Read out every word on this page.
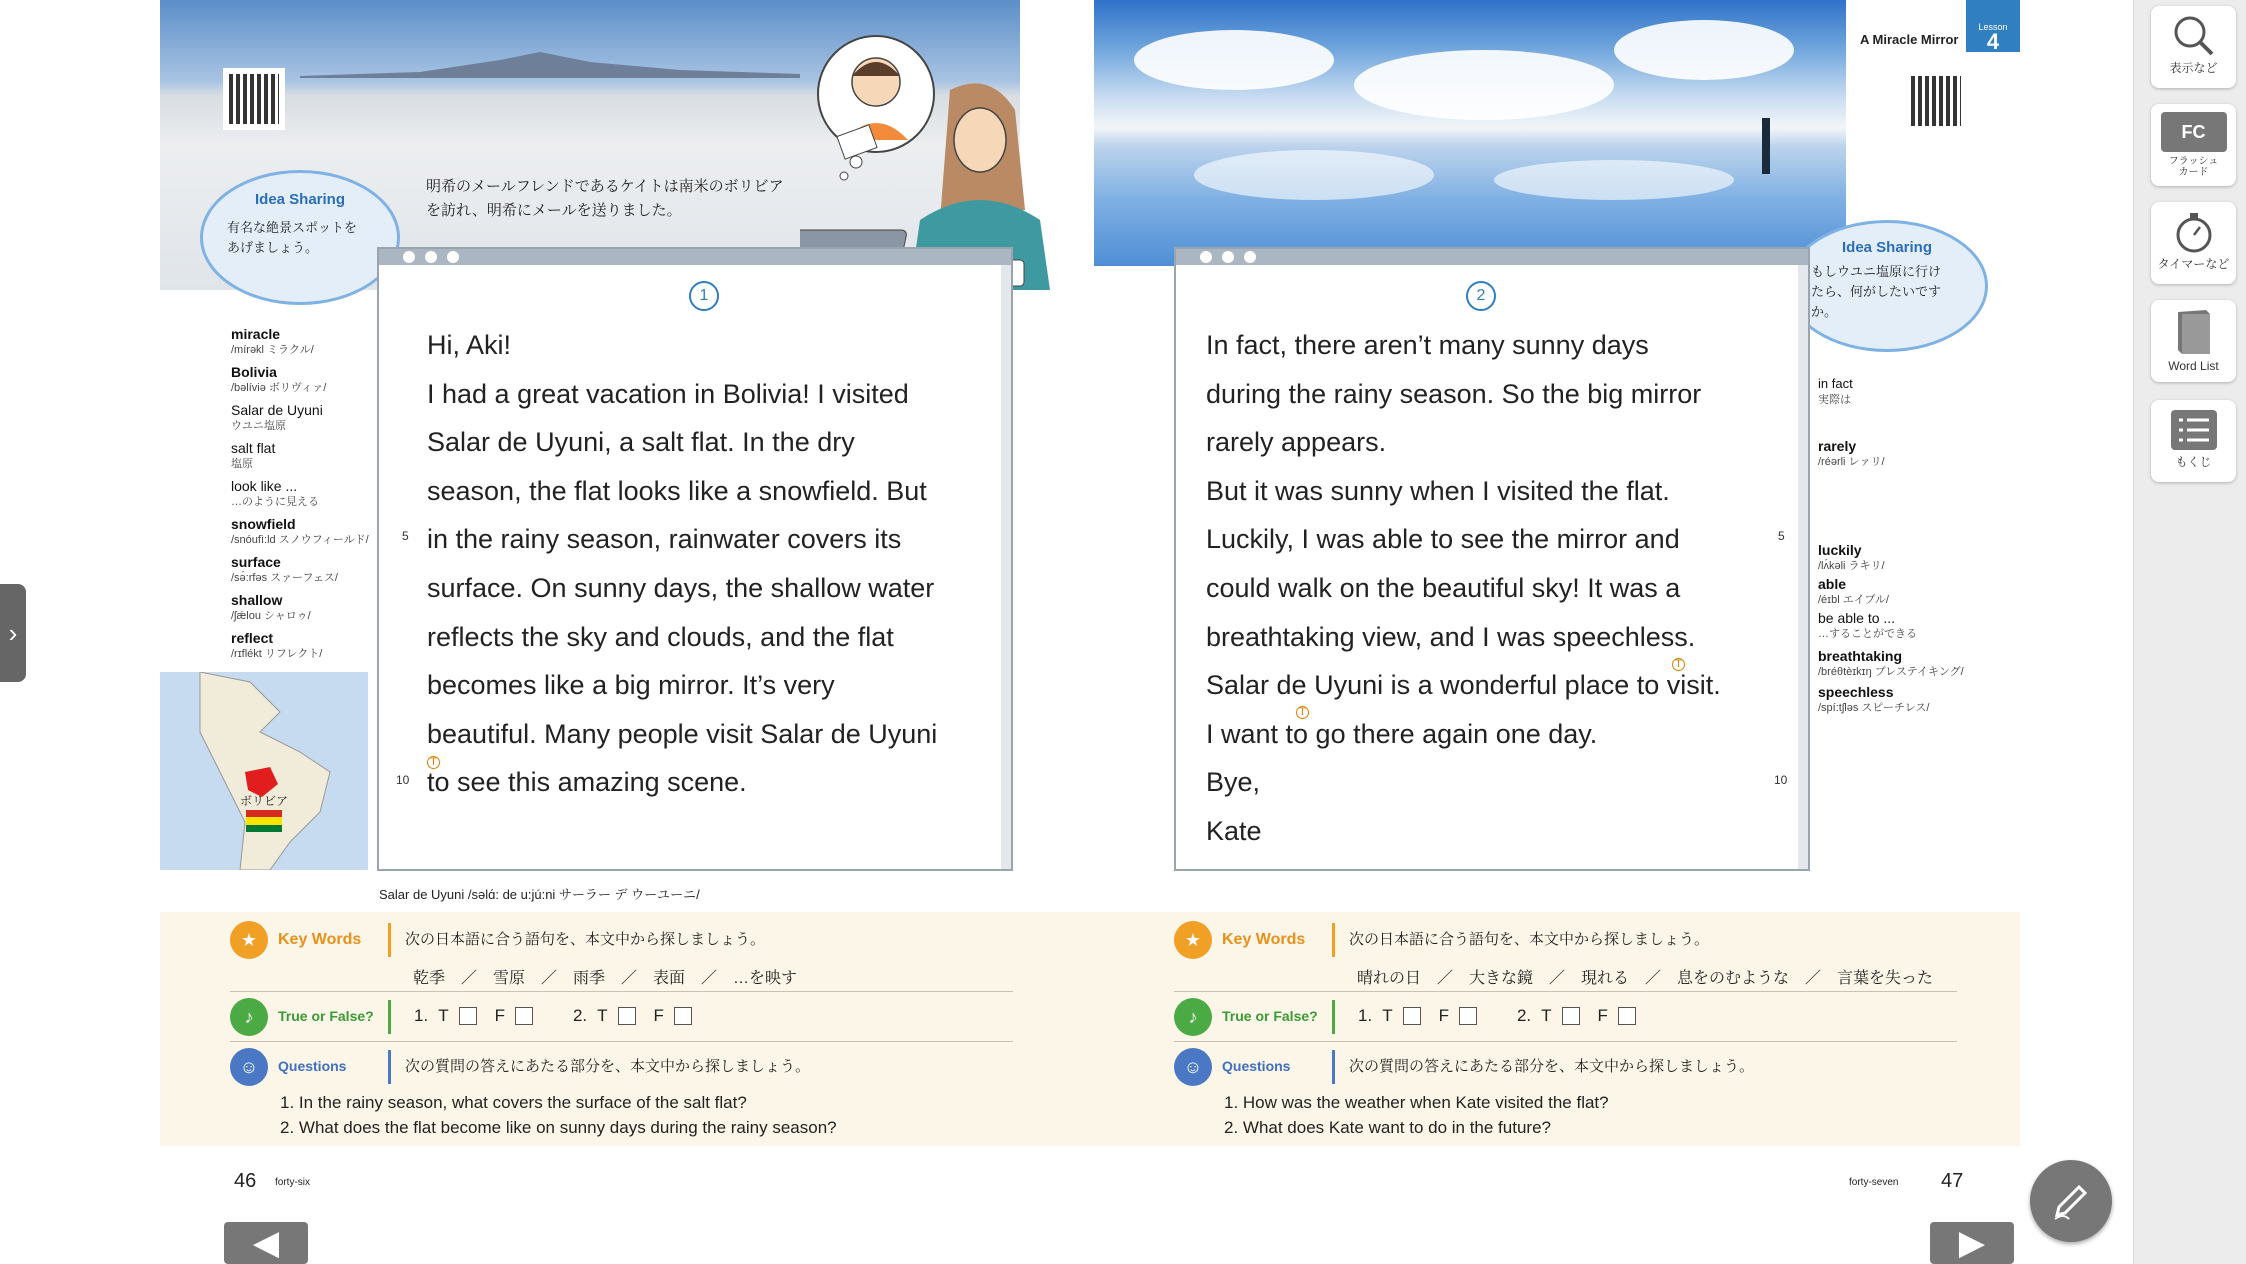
Idea Sharing
有名な絶景スポットを
あげましょう。
明希のメールフレンドであるケイトは南米のボリビア
を訪れ、明希にメールを送りました。
miracle
/mírəkl ミラクル/
Bolivia
/bəlíviə ボリヴィァ/
Salar de Uyuni
ウユニ塩原
salt flat
塩原
look like ...
…のように見える
snowfield
/snóufì:ld スノウフィールド/
surface
/sə́:rfəs スァーフェス/
shallow
/ʃǽlou シャロゥ/
reflect
/rɪflékt リフレクト/
ボリビア
1
Hi, Aki!
I had a great vacation in Bolivia! I visited
Salar de Uyuni, a salt flat. In the dry
season, the flat looks like a snowfield. But
in the rainy season, rainwater covers its
surface. On sunny days, the shallow water
reflects the sky and clouds, and the flat
becomes like a big mirror. It’s very
beautiful. Many people visit Salar de Uyuni
to see this amazing scene.
T
5
10
Salar de Uyuni /səlɑ́: de u:jú:ni サーラー デ ウーユーニ/
A Miracle Mirror
Lesson
4
Idea Sharing
もしウユニ塩原に行け
たら、何がしたいです
か。
in fact
実際は
rarely
/réərli レァリ/
luckily
/lʌ́kəli ラキリ/
able
/éɪbl エイブル/
be able to ...
…することができる
breathtaking
/bréθtèɪkɪŋ ブレステイキング/
speechless
/spí:tʃləs スピーチレス/
2
In fact, there aren’t many sunny days
during the rainy season. So the big mirror
rarely appears.
But it was sunny when I visited the flat.
Luckily, I was able to see the mirror and
could walk on the beautiful sky! It was a
breathtaking view, and I was speechless.
Salar de Uyuni is a wonderful place to visit.
I want to go there again one day.
Bye,
Kate
T
T
5
10
★	Key Words	次の日本語に合う語句を、本文中から探しましょう。
乾季　／　雪原　／　雨季　／　表面　／　…を映す
♪	True or False?	1. T	F	2. T	F
☺	Questions	次の質問の答えにあたる部分を、本文中から探しましょう。
1. In the rainy season, what covers the surface of the salt flat?
2. What does the flat become like on sunny days during the rainy season?
★	Key Words	次の日本語に合う語句を、本文中から探しましょう。
晴れの日　／　大きな鏡　／　現れる　／　息をのむような　／　言葉を失った
♪	True or False?	1. T	F	2. T	F
☺	Questions	次の質問の答えにあたる部分を、本文中から探しましょう。
1. How was the weather when Kate visited the flat?
2. What does Kate want to do in the future?
46 forty-six	forty-seven 47
◀	▶
›
表示など
FC
フラッシュ
カード
タイマーなど
Word List
もくじ
